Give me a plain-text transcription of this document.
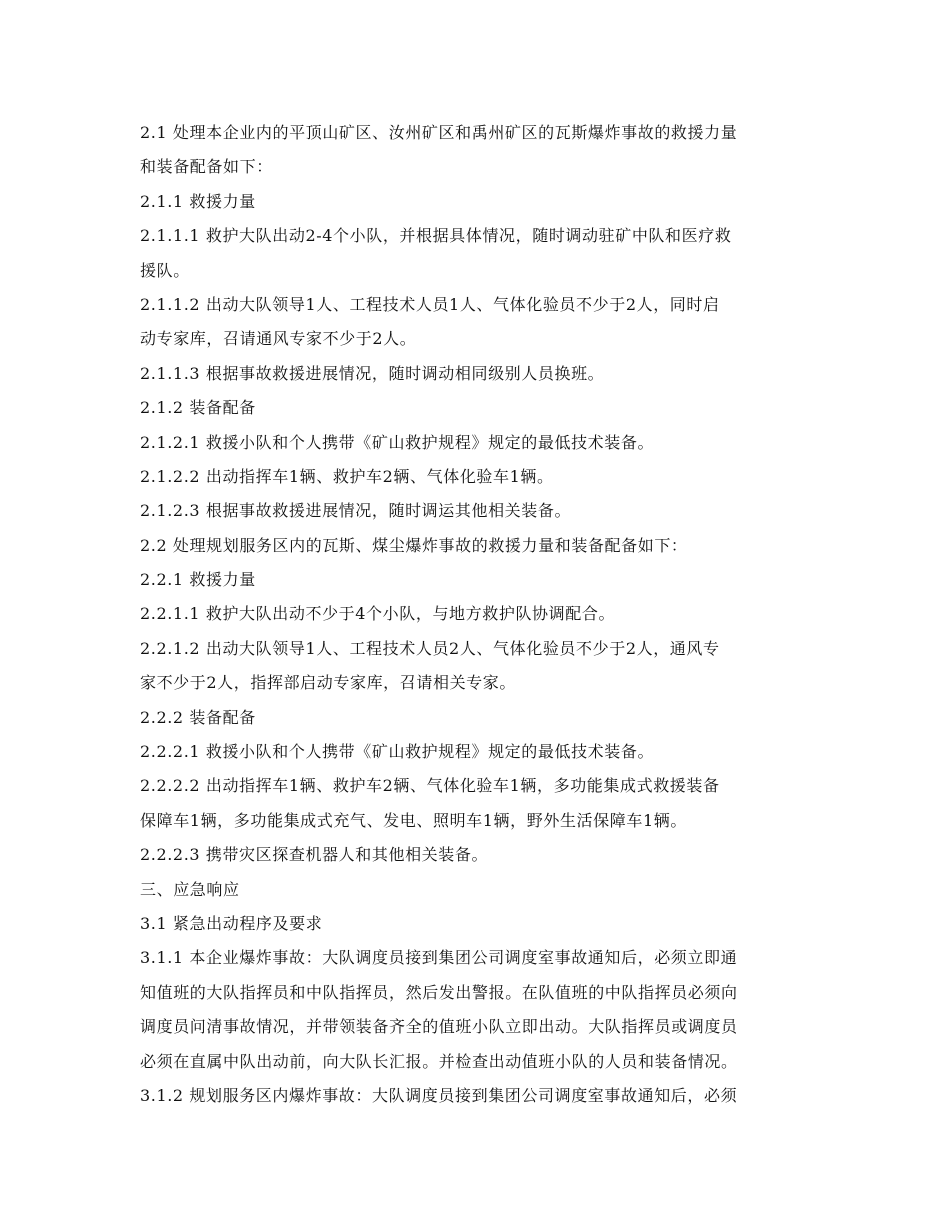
2.1 处理本企业内的平顶山矿区、汝州矿区和禹州矿区的瓦斯爆炸事故的救援力量
和装备配备如下：
2.1.1 救援力量
2.1.1.1 救护大队出动2-4个小队，并根据具体情况，随时调动驻矿中队和医疗救
援队。
2.1.1.2 出动大队领导1人、工程技术人员1人、气体化验员不少于2人，同时启
动专家库，召请通风专家不少于2人。
2.1.1.3 根据事故救援进展情况，随时调动相同级别人员换班。
2.1.2 装备配备
2.1.2.1 救援小队和个人携带《矿山救护规程》规定的最低技术装备。
2.1.2.2 出动指挥车1辆、救护车2辆、气体化验车1辆。
2.1.2.3 根据事故救援进展情况，随时调运其他相关装备。
2.2 处理规划服务区内的瓦斯、煤尘爆炸事故的救援力量和装备配备如下：
2.2.1 救援力量
2.2.1.1 救护大队出动不少于4个小队，与地方救护队协调配合。
2.2.1.2 出动大队领导1人、工程技术人员2人、气体化验员不少于2人，通风专
家不少于2人，指挥部启动专家库，召请相关专家。
2.2.2 装备配备
2.2.2.1 救援小队和个人携带《矿山救护规程》规定的最低技术装备。
2.2.2.2 出动指挥车1辆、救护车2辆、气体化验车1辆，多功能集成式救援装备
保障车1辆，多功能集成式充气、发电、照明车1辆，野外生活保障车1辆。
2.2.2.3 携带灾区探查机器人和其他相关装备。
三、应急响应
3.1 紧急出动程序及要求
3.1.1 本企业爆炸事故：大队调度员接到集团公司调度室事故通知后，必须立即通
知值班的大队指挥员和中队指挥员，然后发出警报。在队值班的中队指挥员必须向
调度员问清事故情况，并带领装备齐全的值班小队立即出动。大队指挥员或调度员
必须在直属中队出动前，向大队长汇报。并检查出动值班小队的人员和装备情况。
3.1.2 规划服务区内爆炸事故：大队调度员接到集团公司调度室事故通知后，必须
